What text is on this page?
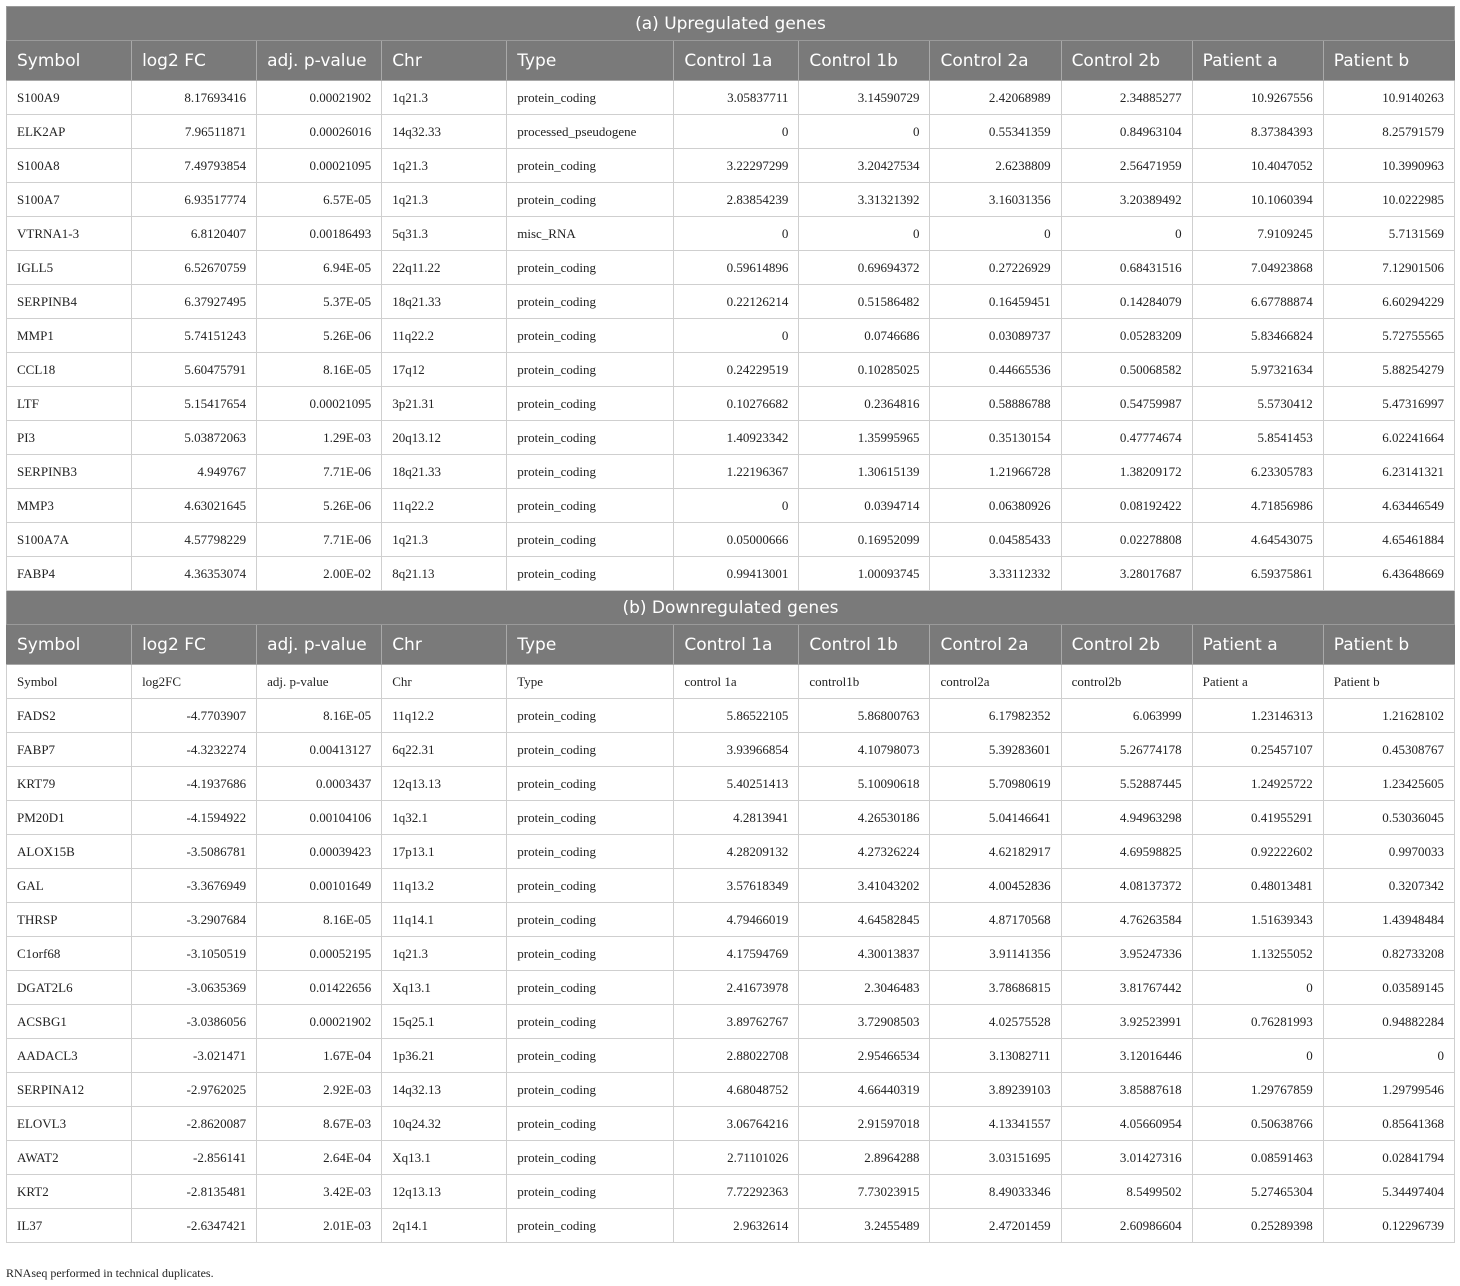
(a) Upregulated genes										
Symbol	log2 FC	adj. p-value	Chr	Type	Control 1a	Control 1b	Control 2a	Control 2b	Patient a	Patient b
S100A9	8.17693416	0.00021902	1q21.3	protein_coding	3.05837711	3.14590729	2.42068989	2.34885277	10.9267556	10.9140263
ELK2AP	7.96511871	0.00026016	14q32.33	processed_pseudogene	0	0	0.55341359	0.84963104	8.37384393	8.25791579
S100A8	7.49793854	0.00021095	1q21.3	protein_coding	3.22297299	3.20427534	2.6238809	2.56471959	10.4047052	10.3990963
S100A7	6.93517774	6.57E-05	1q21.3	protein_coding	2.83854239	3.31321392	3.16031356	3.20389492	10.1060394	10.0222985
VTRNA1-3	6.8120407	0.00186493	5q31.3	misc_RNA	0	0	0	0	7.9109245	5.7131569
IGLL5	6.52670759	6.94E-05	22q11.22	protein_coding	0.59614896	0.69694372	0.27226929	0.68431516	7.04923868	7.12901506
SERPINB4	6.37927495	5.37E-05	18q21.33	protein_coding	0.22126214	0.51586482	0.16459451	0.14284079	6.67788874	6.60294229
MMP1	5.74151243	5.26E-06	11q22.2	protein_coding	0	0.0746686	0.03089737	0.05283209	5.83466824	5.72755565
CCL18	5.60475791	8.16E-05	17q12	protein_coding	0.24229519	0.10285025	0.44665536	0.50068582	5.97321634	5.88254279
LTF	5.15417654	0.00021095	3p21.31	protein_coding	0.10276682	0.2364816	0.58886788	0.54759987	5.5730412	5.47316997
PI3	5.03872063	1.29E-03	20q13.12	protein_coding	1.40923342	1.35995965	0.35130154	0.47774674	5.8541453	6.02241664
SERPINB3	4.949767	7.71E-06	18q21.33	protein_coding	1.22196367	1.30615139	1.21966728	1.38209172	6.23305783	6.23141321
MMP3	4.63021645	5.26E-06	11q22.2	protein_coding	0	0.0394714	0.06380926	0.08192422	4.71856986	4.63446549
S100A7A	4.57798229	7.71E-06	1q21.3	protein_coding	0.05000666	0.16952099	0.04585433	0.02278808	4.64543075	4.65461884
FABP4	4.36353074	2.00E-02	8q21.13	protein_coding	0.99413001	1.00093745	3.33112332	3.28017687	6.59375861	6.43648669
(b) Downregulated genes										
Symbol	log2 FC	adj. p-value	Chr	Type	Control 1a	Control 1b	Control 2a	Control 2b	Patient a	Patient b
Symbol	log2FC	adj. p-value	Chr	Type	control 1a	control1b	control2a	control2b	Patient a	Patient b
FADS2	-4.7703907	8.16E-05	11q12.2	protein_coding	5.86522105	5.86800763	6.17982352	6.063999	1.23146313	1.21628102
FABP7	-4.3232274	0.00413127	6q22.31	protein_coding	3.93966854	4.10798073	5.39283601	5.26774178	0.25457107	0.45308767
KRT79	-4.1937686	0.0003437	12q13.13	protein_coding	5.40251413	5.10090618	5.70980619	5.52887445	1.24925722	1.23425605
PM20D1	-4.1594922	0.00104106	1q32.1	protein_coding	4.2813941	4.26530186	5.04146641	4.94963298	0.41955291	0.53036045
ALOX15B	-3.5086781	0.00039423	17p13.1	protein_coding	4.28209132	4.27326224	4.62182917	4.69598825	0.92222602	0.9970033
GAL	-3.3676949	0.00101649	11q13.2	protein_coding	3.57618349	3.41043202	4.00452836	4.08137372	0.48013481	0.3207342
THRSP	-3.2907684	8.16E-05	11q14.1	protein_coding	4.79466019	4.64582845	4.87170568	4.76263584	1.51639343	1.43948484
C1orf68	-3.1050519	0.00052195	1q21.3	protein_coding	4.17594769	4.30013837	3.91141356	3.95247336	1.13255052	0.82733208
DGAT2L6	-3.0635369	0.01422656	Xq13.1	protein_coding	2.41673978	2.3046483	3.78686815	3.81767442	0	0.03589145
ACSBG1	-3.0386056	0.00021902	15q25.1	protein_coding	3.89762767	3.72908503	4.02575528	3.92523991	0.76281993	0.94882284
AADACL3	-3.021471	1.67E-04	1p36.21	protein_coding	2.88022708	2.95466534	3.13082711	3.12016446	0	0
SERPINA12	-2.9762025	2.92E-03	14q32.13	protein_coding	4.68048752	4.66440319	3.89239103	3.85887618	1.29767859	1.29799546
ELOVL3	-2.8620087	8.67E-03	10q24.32	protein_coding	3.06764216	2.91597018	4.13341557	4.05660954	0.50638766	0.85641368
AWAT2	-2.856141	2.64E-04	Xq13.1	protein_coding	2.71101026	2.8964288	3.03151695	3.01427316	0.08591463	0.02841794
KRT2	-2.8135481	3.42E-03	12q13.13	protein_coding	7.72292363	7.73023915	8.49033346	8.5499502	5.27465304	5.34497404
IL37	-2.6347421	2.01E-03	2q14.1	protein_coding	2.9632614	3.2455489	2.47201459	2.60986604	0.25289398	0.12296739
RNAseq performed in technical duplicates.
